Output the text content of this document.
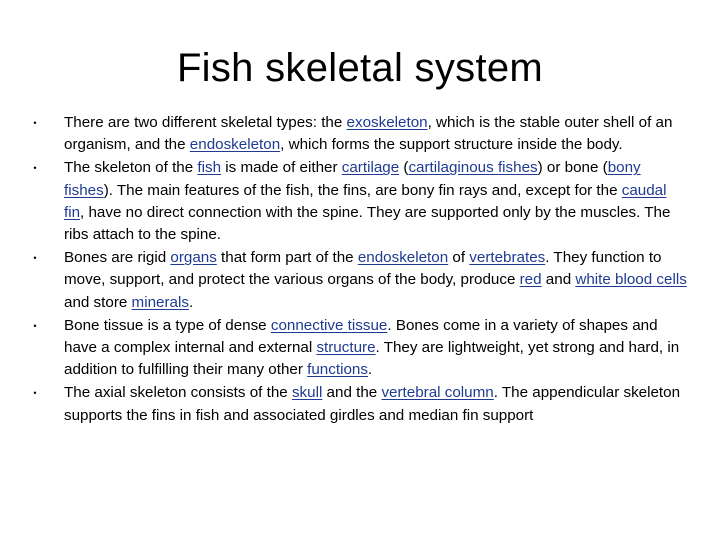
Fish skeletal system
•	There are two different skeletal types: the exoskeleton, which is the stable outer shell of an organism, and the endoskeleton, which forms the support structure inside the body.
•	The skeleton of the fish is made of either cartilage (cartilaginous fishes) or bone (bony fishes). The main features of the fish, the fins, are bony fin rays and, except for the caudal fin, have no direct connection with the spine. They are supported only by the muscles. The ribs attach to the spine.
•	Bones are rigid organs that form part of the endoskeleton of vertebrates. They function to move, support, and protect the various organs of the body, produce red and white blood cells and store minerals.
•	Bone tissue is a type of dense connective tissue. Bones come in a variety of shapes and have a complex internal and external structure. They are lightweight, yet strong and hard, in addition to fulfilling their many other functions.
•	The axial skeleton consists of the skull and the vertebral column. The appendicular skeleton supports the fins in fish and associated girdles and median fin support
